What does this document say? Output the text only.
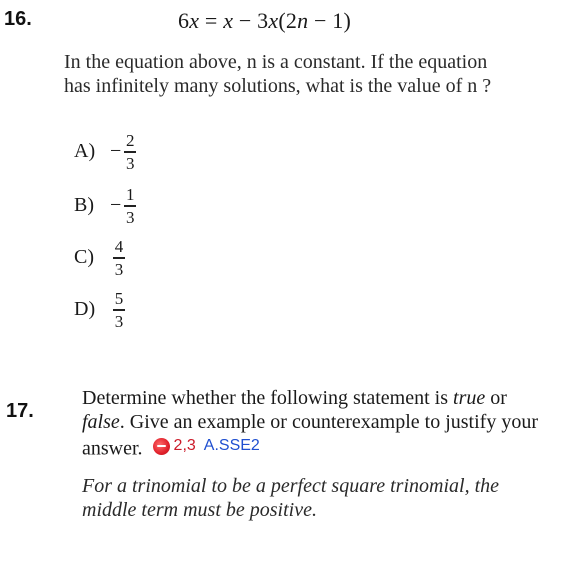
16.	6x = x − 3x(2n − 1)
In the equation above, n is a constant. If the equation has infinitely many solutions, what is the value of n ?
$A) - \frac{2}{3}$
$B) - \frac{1}{3}$
C)	$\frac{4}{3}$
D)	$\frac{5}{3}$
17.
Determine whether the following statement is true or false. Give an example or counterexample to justify your answer. 2,3 A.SSE2
For a trinomial to be a perfect square trinomial, the middle term must be positive.
